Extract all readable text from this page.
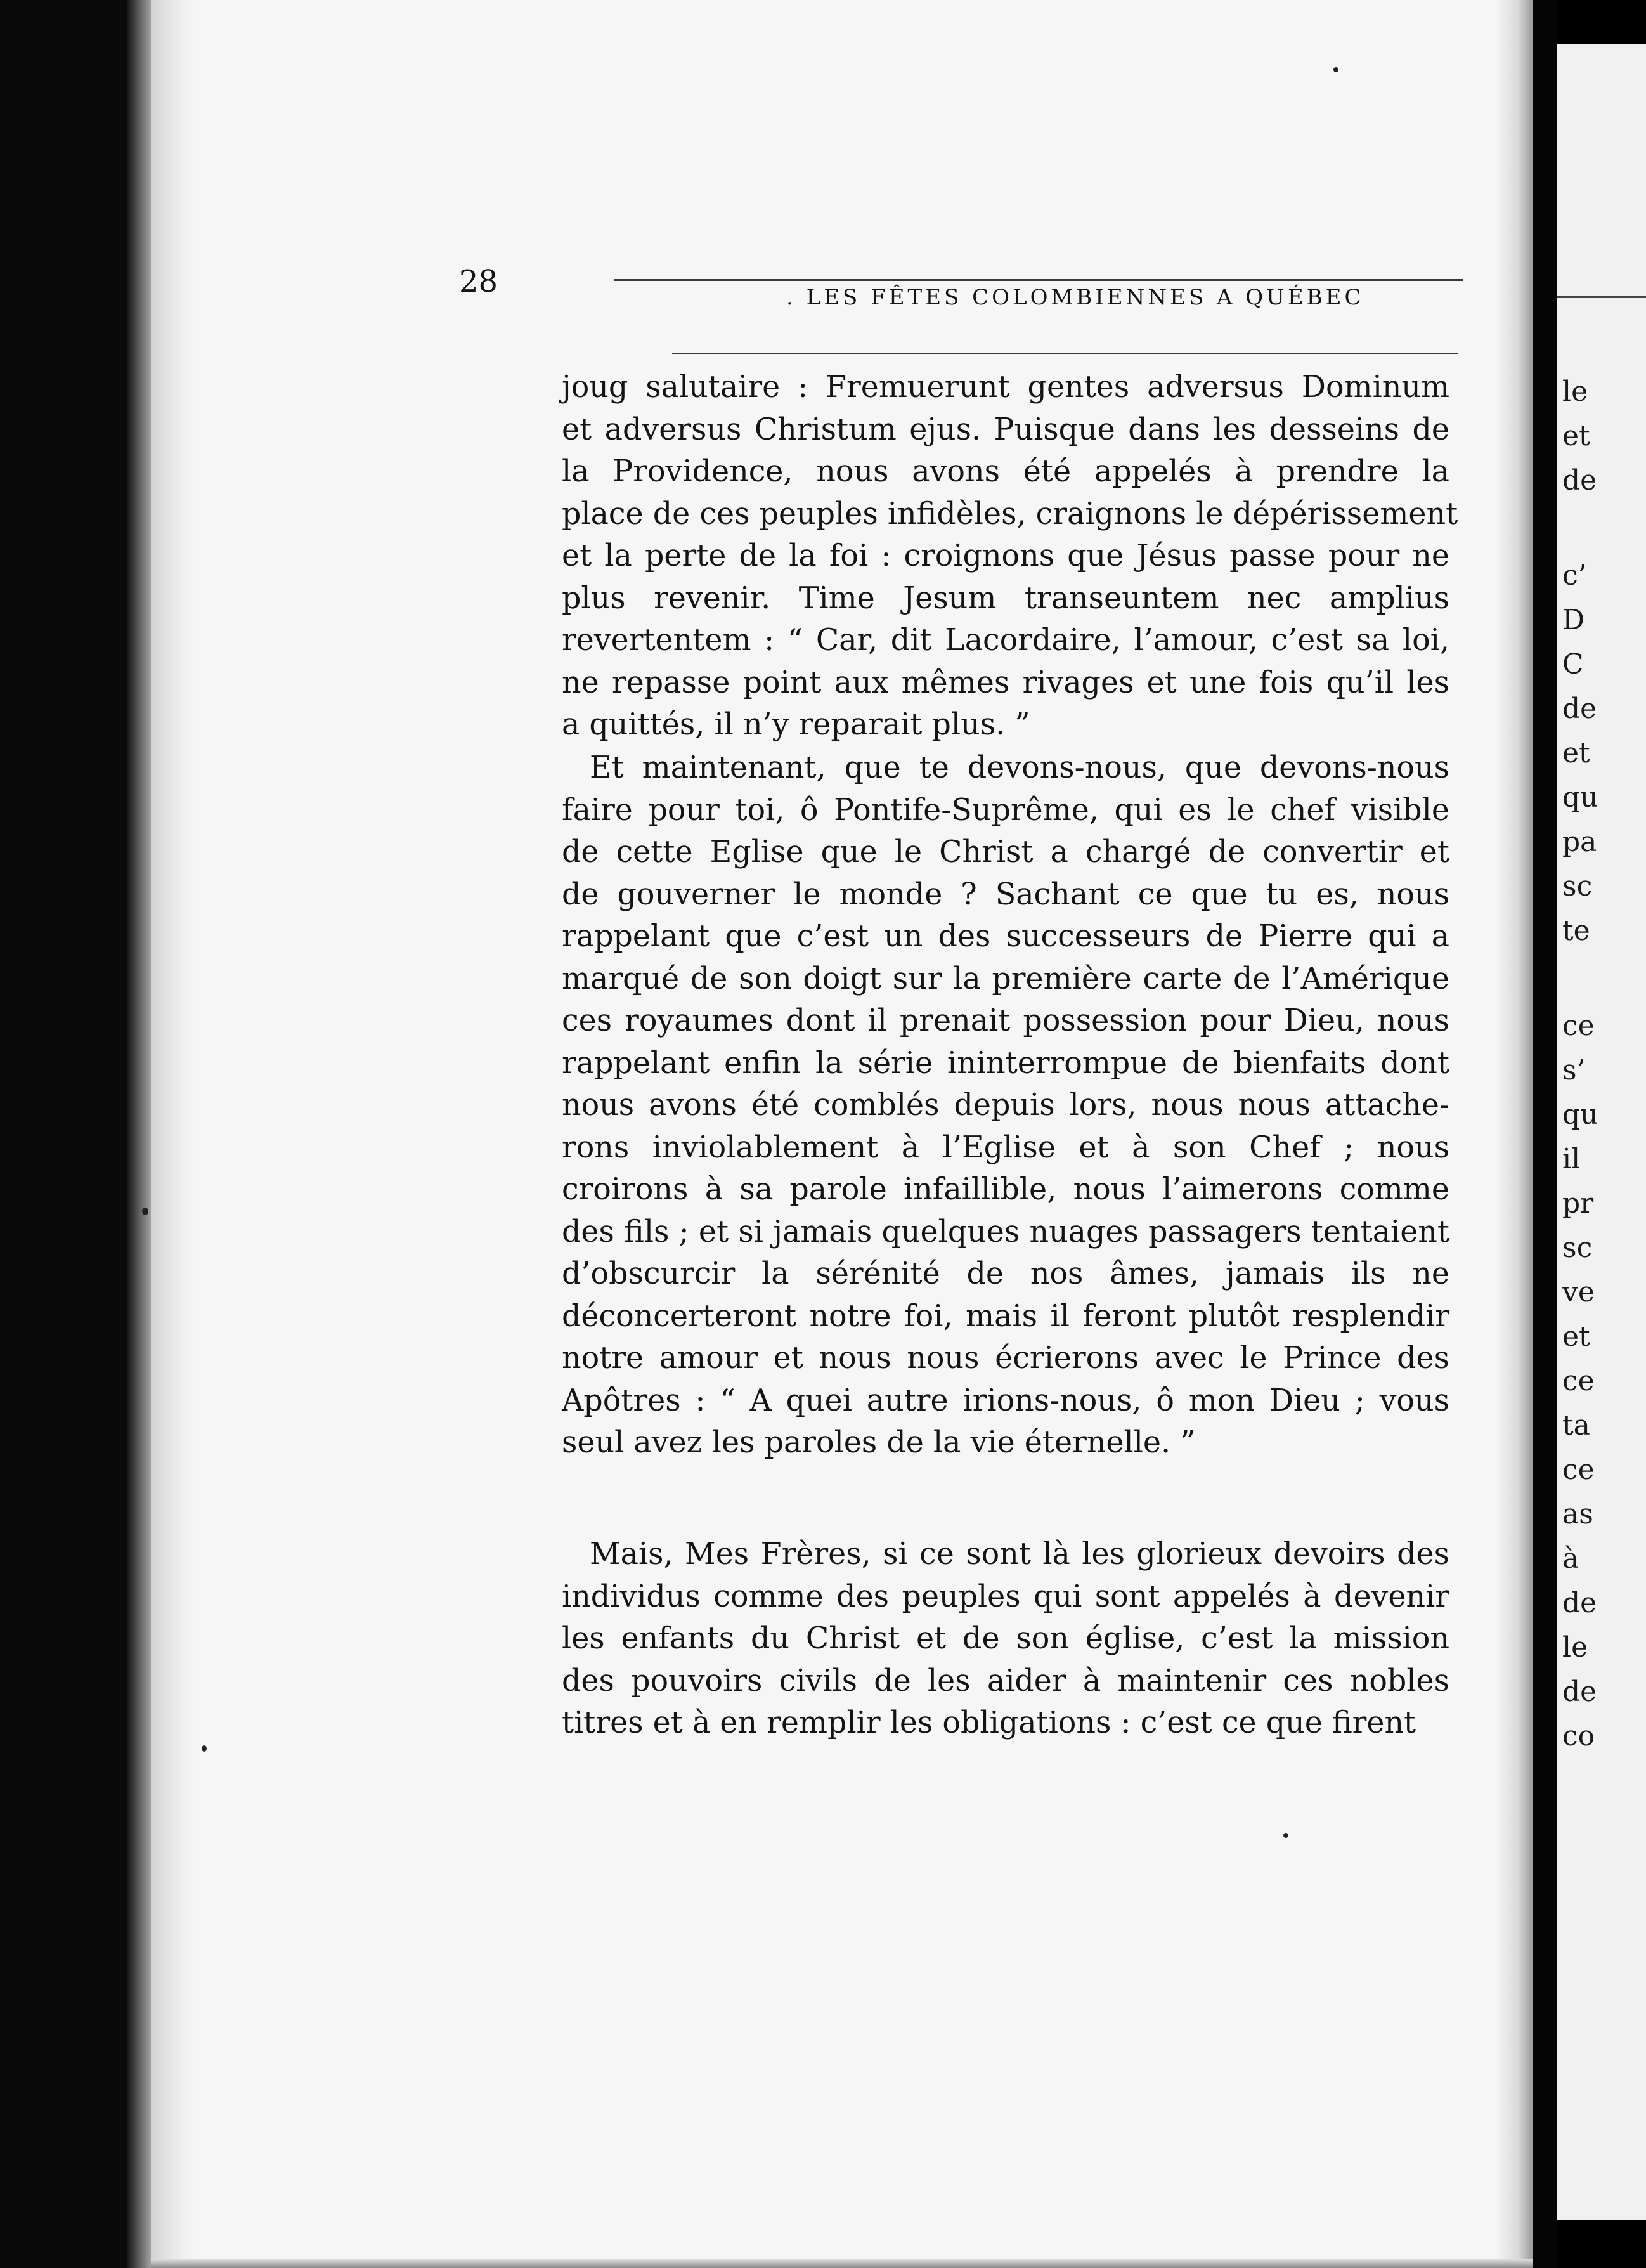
le
et
de
c’
D
C
de
et
qu
pa
sc
te
ce
s’
qu
il
pr
sc
ve
et
ce
ta
ce
as
à
de
le
de
co
28	. LES FÊTES COLOMBIENNES A QUÉBEC
joug salutaire : Fremuerunt gentes adversus Dominum
et adversus Christum ejus. Puisque dans les desseins de
la Providence, nous avons été appelés à prendre la
place de ces peuples infidèles, craignons le dépérissement
et la perte de la foi : croignons que Jésus passe pour ne
plus revenir. Time Jesum transeuntem nec amplius
revertentem : “ Car, dit Lacordaire, l’amour, c’est sa loi,
ne repasse point aux mêmes rivages et une fois qu’il les
a quittés, il n’y reparait plus. ”
Et maintenant, que te devons-nous, que devons-nous
faire pour toi, ô Pontife-Suprême, qui es le chef visible
de cette Eglise que le Christ a chargé de convertir et
de gouverner le monde ? Sachant ce que tu es, nous
rappelant que c’est un des successeurs de Pierre qui a
marqué de son doigt sur la première carte de l’Amérique
ces royaumes dont il prenait possession pour Dieu, nous
rappelant enfin la série ininterrompue de bienfaits dont
nous avons été comblés depuis lors, nous nous attache-
rons inviolablement à l’Eglise et à son Chef ; nous
croirons à sa parole infaillible, nous l’aimerons comme
des fils ; et si jamais quelques nuages passagers tentaient
d’obscurcir la sérénité de nos âmes, jamais ils ne
déconcerteront notre foi, mais il feront plutôt resplendir
notre amour et nous nous écrierons avec le Prince des
Apôtres : “ A quei autre irions-nous, ô mon Dieu ; vous
seul avez les paroles de la vie éternelle. ”
Mais, Mes Frères, si ce sont là les glorieux devoirs des
individus comme des peuples qui sont appelés à devenir
les enfants du Christ et de son église, c’est la mission
des pouvoirs civils de les aider à maintenir ces nobles
titres et à en remplir les obligations : c’est ce que firent
